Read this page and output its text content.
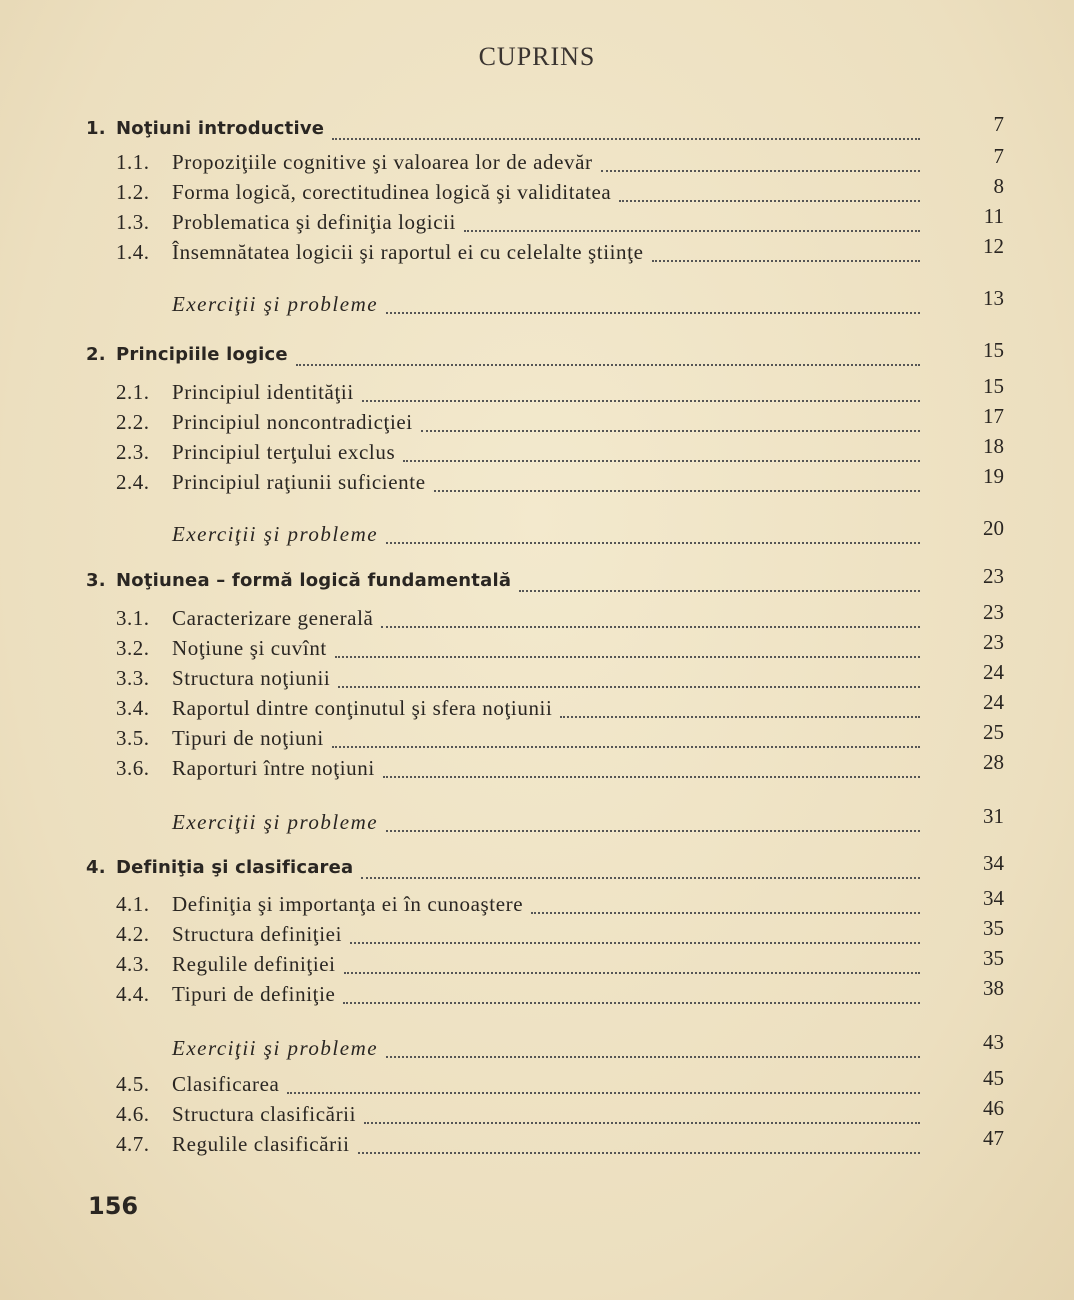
CUPRINS
1. Noţiuni introductive	7
1.1. Propoziţiile cognitive şi valoarea lor de adevăr	7
1.2. Forma logică, corectitudinea logică şi validitatea	8
1.3. Problematica şi definiţia logicii	11
1.4. Însemnătatea logicii şi raportul ei cu celelalte ştiinţe	12
Exerciţii şi probleme	13
2. Principiile logice	15
2.1. Principiul identităţii	15
2.2. Principiul noncontradicţiei	17
2.3. Principiul terţului exclus	18
2.4. Principiul raţiunii suficiente	19
Exerciţii şi probleme	20
3. Noţiunea – formă logică fundamentală	23
3.1. Caracterizare generală	23
3.2. Noţiune şi cuvînt	23
3.3. Structura noţiunii	24
3.4. Raportul dintre conţinutul şi sfera noţiunii	24
3.5. Tipuri de noţiuni	25
3.6. Raporturi între noţiuni	28
Exerciţii şi probleme	31
4. Definiţia şi clasificarea	34
4.1. Definiţia şi importanţa ei în cunoaştere	34
4.2. Structura definiţiei	35
4.3. Regulile definiţiei	35
4.4. Tipuri de definiţie	38
Exerciţii şi probleme	43
4.5. Clasificarea	45
4.6. Structura clasificării	46
4.7. Regulile clasificării	47
156
